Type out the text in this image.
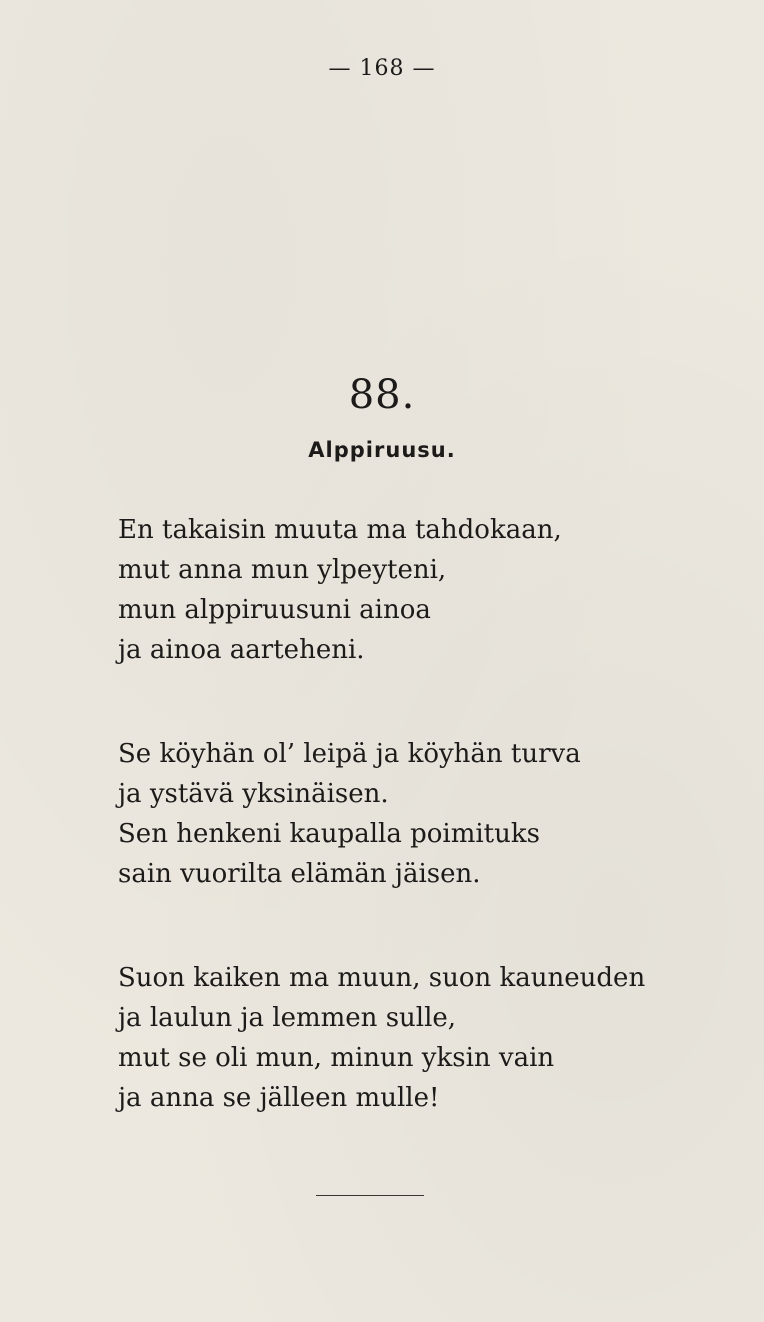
— 168 —
88.
Alppiruusu.
En takaisin muuta ma tahdokaan,
mut anna mun ylpeyteni,
mun alppiruusuni ainoa
ja ainoa aarteheni.
Se köyhän ol’ leipä ja köyhän turva
ja ystävä yksinäisen.
Sen henkeni kaupalla poimituks
sain vuorilta elämän jäisen.
Suon kaiken ma muun, suon kauneuden
ja laulun ja lemmen sulle,
mut se oli mun, minun yksin vain
ja anna se jälleen mulle!
